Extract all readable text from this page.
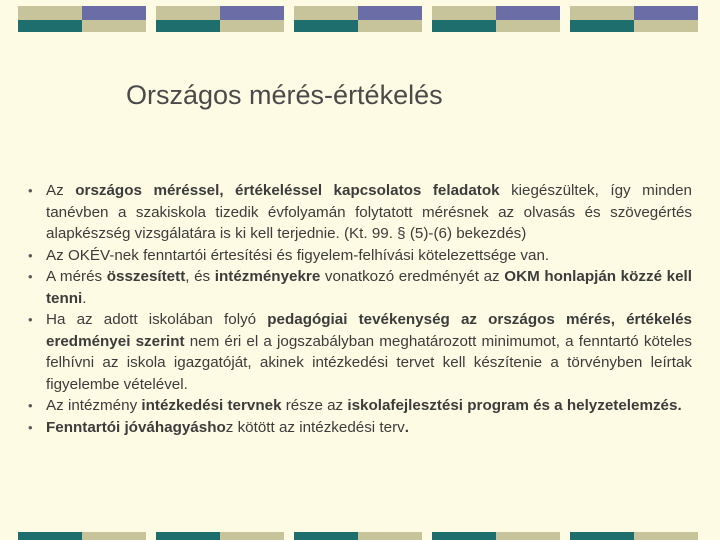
Országos mérés-értékelés
• Az országos méréssel, értékeléssel kapcsolatos feladatok kiegészültek, így minden tanévben a szakiskola tizedik évfolyamán folytatott mérésnek az olvasás és szövegértés alapkészség vizsgálatára is ki kell terjednie. (Kt. 99. § (5)-(6) bekezdés)
• Az OKÉV-nek fenntartói értesítési és figyelem-felhívási kötelezettsége van.
• A mérés összesített, és intézményekre vonatkozó eredményét az OKM honlapján közzé kell tenni.
• Ha az adott iskolában folyó pedagógiai tevékenység az országos mérés, értékelés eredményei szerint nem éri el a jogszabályban meghatározott minimumot, a fenntartó köteles felhívni az iskola igazgatóját, akinek intézkedési tervet kell készítenie a törvényben leírtak figyelembe vételével.
• Az intézmény intézkedési tervnek része az iskolafejlesztési program és a helyzetelemzés.
• Fenntartói jóváhagyáshoz kötött az intézkedési terv.
